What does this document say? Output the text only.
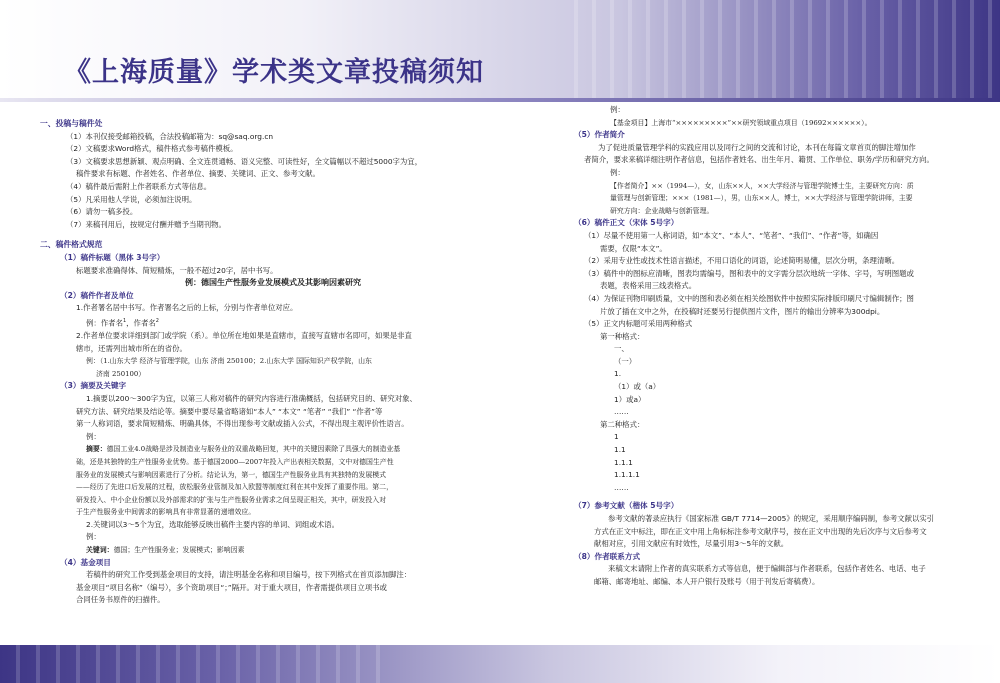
《上海质量》学术类文章投稿须知
一、投稿与稿件处
（1）本刊仅接受邮箱投稿，合法投稿邮箱为：sq@saq.org.cn
（2）文稿要求Word格式，稿件格式参考稿件模板。
（3）文稿要求思想新颖、观点明确、全文连贯通畅、语义完整、可读性好，全文篇幅以不超过5000字为宜，
稿件要求有标题、作者姓名、作者单位、摘要、关键词、正文、参考文献。
（4）稿件最后需附上作者联系方式等信息。
（5）凡采用他人学说，必须加注说明。
（6）请勿一稿多投。
（7）来稿刊用后，按规定付酬并赠予当期刊物。
二、稿件格式规范
（1）稿件标题（黑体 3号字）
标题要求准确得体、简短精炼，一般不超过20字，居中书写。
例：德国生产性服务业发展模式及其影响因素研究
（2）稿件作者及单位
1.作者署名居中书写。作者署名之后的上标，分别与作者单位对应。
例：作者名$^1$，作者名$^2$
2.作者单位要求详细到部门或学院（系）。单位所在地如果是直辖市，直接写直辖市名即可，如果是非直
辖市，还需列出城市所在的省份。
例：（1.山东大学 经济与管理学院，山东 济南 250100；2.山东大学 国际知识产权学院，山东
济南 250100）
（3）摘要及关键字
1.摘要以200～300字为宜，以第三人称对稿件的研究内容进行准确概括，包括研究目的、研究对象、
研究方法、研究结果及结论等。摘要中要尽量省略诸如“本人” “本文” “笔者” “我们” “作者”等
第一人称词语，要求简短精炼、明确具体，不得出现参考文献或插入公式，不得出现主观评价性语言。
例：
摘要：德国工业4.0战略是涉及制造业与服务业的双重战略回复，其中的关键因素除了具强大的制造业基
础，还是其独特的生产性服务业优势。基于德国2000—2007年投入产出表相关数据，文中对德国生产性
服务业的发展模式与影响因素进行了分析。结论认为，第一，德国生产性服务业具有其独特的发展模式
——经历了先进口后发展的过程，放松服务业管制及加入欧盟等制度红利在其中发挥了重要作用。第二，
研发投入、中小企业份额以及外部需求的扩张与生产性服务业需求之间呈现正相关，其中，研发投入对
于生产性服务业中间需求的影响具有非常显著的递增效应。
2.关键词以3～5个为宜，选取能够反映出稿件主要内容的单词、词组或术语。
例：
关键词：德国；生产性服务业；发展模式；影响因素
（4）基金项目
若稿件的研究工作受到基金项目的支持，请注明基金名称和项目编号，按下列格式在首页添加脚注：
基金项目“项目名称”（编号），多个资助项目“；”隔开。对于重大项目，作者需提供项目立项书或
合同任务书原件的扫描件。
例：
【基金项目】上海市“×××××××××”××研究领域重点项目（19692××××××）。
（5）作者简介
为了促进质量管理学科的实践应用以及同行之间的交流和讨论，本刊在每篇文章首页的脚注增加作
者简介，要求来稿详细注明作者信息，包括作者姓名、出生年月、籍贯、工作单位、职务/学历和研究方向。
例：
【作者简介】××（1994—），女，山东××人，××大学经济与管理学院博士生，主要研究方向：质
量管理与创新管理；×××（1981—），男，山东××人，博士，××大学经济与管理学院讲师，主要
研究方向：企业战略与创新管理。
（6）稿件正文（宋体 5号字）
（1）尽量不使用第一人称词语，如“本文”、“本人”、“笔者”、“我们”、“作者”等，如确因
需要，仅限“本文”。
（2）采用专业性或技术性语言描述，不用口语化的词语，论述简明易懂，层次分明，条理清晰。
（3）稿件中的图标应清晰，图表均需编号，图和表中的文字需分层次地统一字体、字号，写明图题或
表题，表格采用三线表格式。
（4）为保证刊物印刷质量，文中的图和表必须在相关绘图软件中按照实际排版印刷尺寸编辑制作；图
片放了插在文中之外，在投稿时还要另行提供图片文件，图片的输出分辨率为300dpi。
（5）正文内标题可采用两种格式
第一种格式：
一、
（一）
1.
（1）或（a）
1）或a）
……
第二种格式：
1
1.1
1.1.1
1.1.1.1
……
（7）参考文献（楷体 5号字）
参考文献的著录应执行《国家标准 GB/T 7714—2005》的规定，采用顺序编码制，参考文献以实引
方式在正文中标注，即在正文中用上角标标注参考文献序号，按在正文中出现的先后次序与文后参考文
献相对应，引用文献应有时效性，尽量引用3～5年的文献。
（8）作者联系方式
来稿文末请附上作者的真实联系方式等信息，便于编辑部与作者联系，包括作者姓名、电话、电子
邮箱、邮寄地址、邮编、本人开户银行及账号（用于刊发后寄稿费）。
